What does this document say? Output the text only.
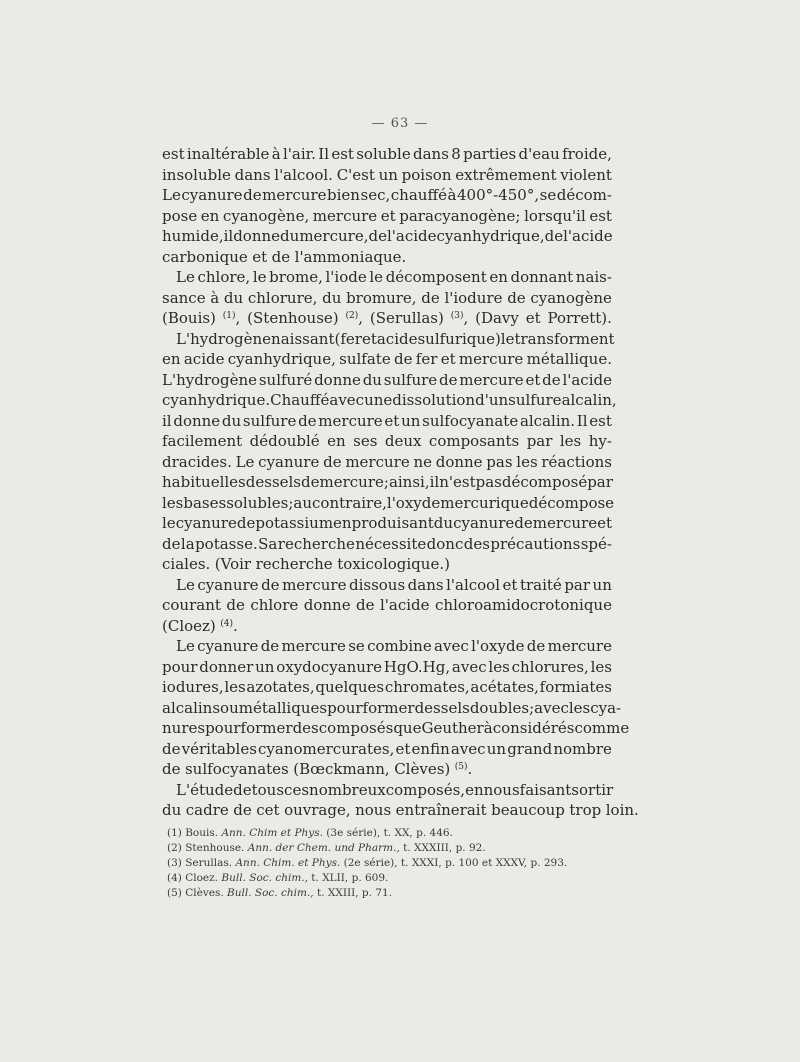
— 63 —
est inaltérable à l'air. Il est soluble dans 8 parties d'eau froide,
insoluble dans l'alcool. C'est un poison extrêmement violent
Le cyanure de mercure bien sec, chauffé à 400°-450°, se décom-
pose en cyanogène, mercure et paracyanogène; lorsqu'il est
humide, il donne du mercure, de l'acide cyanhydrique, de l'acide
carbonique et de l'ammoniaque.
Le chlore, le brome, l'iode le décomposent en donnant nais-
sance à du chlorure, du bromure, de l'iodure de cyanogène
(Bouis) $^{(1)}$, (Stenhouse) $^{(2)}$, (Serullas) $^{(3)}$, (Davy et Porrett).
L'hydrogène naissant (fer et acide sulfurique) le transforment
en acide cyanhydrique, sulfate de fer et mercure métallique.
L'hydrogène sulfuré donne du sulfure de mercure et de l'acide
cyanhydrique. Chauffé avec une dissolution d'un sulfure alcalin,
il donne du sulfure de mercure et un sulfocyanate alcalin. Il est
facilement dédoublé en ses deux composants par les hy-
dracides. Le cyanure de mercure ne donne pas les réactions
habituelles des sels de mercure; ainsi, il n'est pas décomposé par
les bases solubles; au contraire, l'oxyde mercurique décompose
le cyanure de potassium en produisant du cyanure de mercure et
de la potasse. Sa recherche nécessite donc des précautions spé-
ciales. (Voir recherche toxicologique.)
Le cyanure de mercure dissous dans l'alcool et traité par un
courant de chlore donne de l'acide chloroamidocrotonique
(Cloez) $^{(4)}$.
Le cyanure de mercure se combine avec l'oxyde de mercure
pour donner un oxydocyanure HgO.Hg, avec les chlorures, les
iodures, les azotates, quelques chromates, acétates, formiates
alcalins ou métalliques pour former des sels doubles; avec les cya-
nures pour former des composés que Geuther à considérés comme
de véritables cyanomercurates, et enfin avec un grand nombre
de sulfocyanates (Bœckmann, Clèves) $^{(5)}$.
L'étude de tous ces nombreux composés, en nous faisant sortir
du cadre de cet ouvrage, nous entraînerait beaucoup trop loin.
(1) Bouis. Ann. Chim et Phys. (3e série), t. XX, p. 446.
(2) Stenhouse. Ann. der Chem. und Pharm., t. XXXIII, p. 92.
(3) Serullas. Ann. Chim. et Phys. (2e série), t. XXXI, p. 100 et XXXV, p. 293.
(4) Cloez. Bull. Soc. chim., t. XLII, p. 609.
(5) Clèves. Bull. Soc. chim., t. XXIII, p. 71.
